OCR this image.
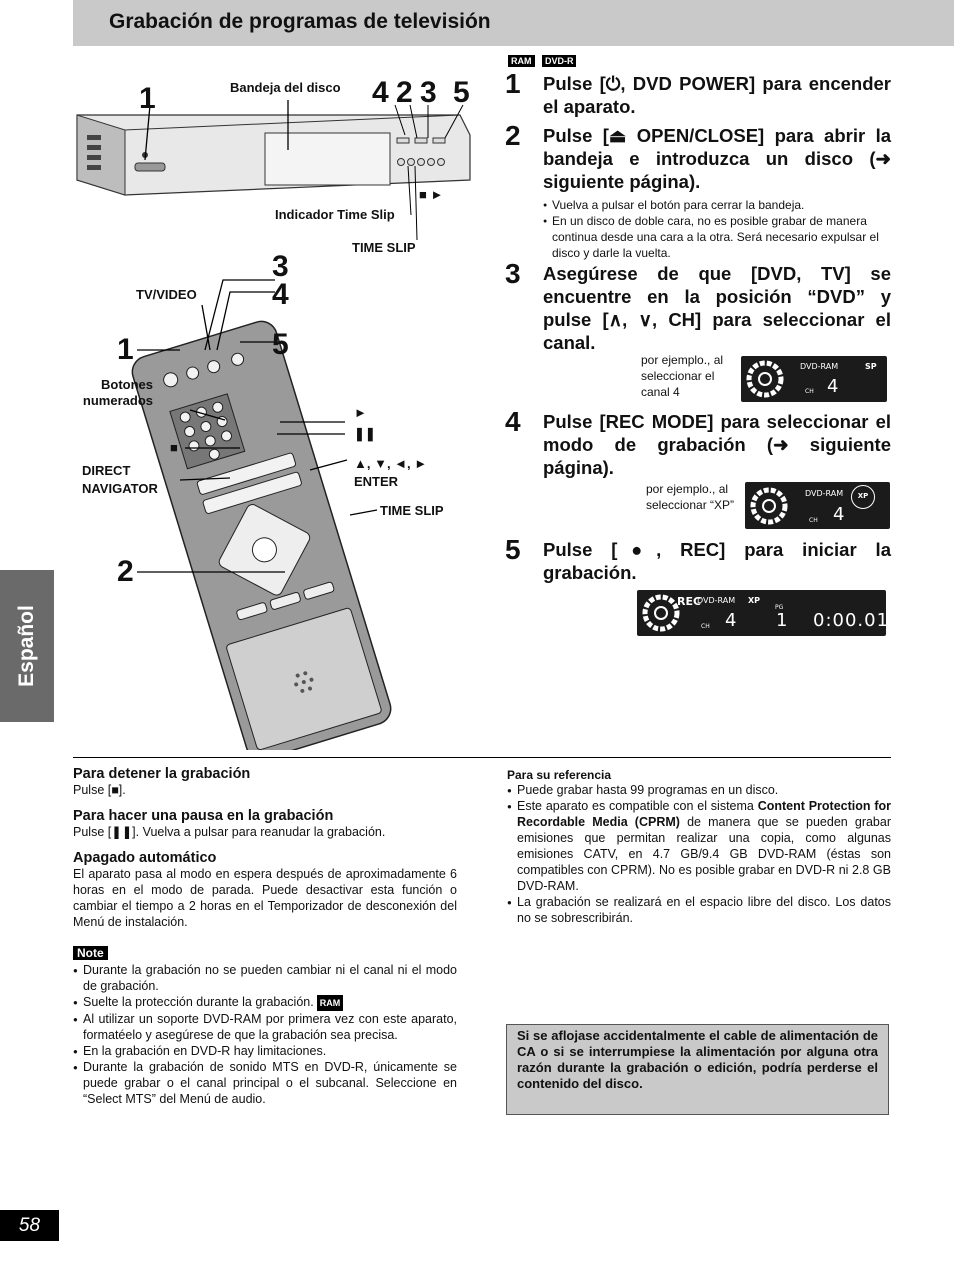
Grabación de programas de televisión
Español
58
1	4 2 3 5
Bandeja del disco
Indicador Time Slip
■ ►
TIME SLIP
3
4
1	5
2
TV/VIDEO
Botones numerados
►
❚❚
■
DIRECT NAVIGATOR
▲, ▼, ◄, ► ENTER
TIME SLIP
RAM DVD-R
1 Pulse [⏻, DVD POWER] para encender el aparato.
2 Pulse [⏏ OPEN/CLOSE] para abrir la bandeja e introduzca un disco (➜ siguiente página).
● Vuelva a pulsar el botón para cerrar la bandeja.
● En un disco de doble cara, no es posible grabar de manera continua desde una cara a la otra. Será necesario expulsar el disco y darle la vuelta.
3 Asegúrese de que [DVD, TV] se encuentre en la posición “DVD” y pulse [∧, ∨, CH] para seleccionar el canal.
por ejemplo., al seleccionar el canal 4
DVD-RAM	SP
CH 4
4 Pulse [REC MODE] para seleccionar el modo de grabación (➜ siguiente página).
por ejemplo., al seleccionar “XP”
DVD-RAM	XP
CH 4
5 Pulse [●, REC] para iniciar la grabación.
REC
DVD-RAM XP
CH 4
PG
1 0:00.01
Para detener la grabación

Pulse [■].

Para hacer una pausa en la grabación

Pulse [❚❚]. Vuelva a pulsar para reanudar la grabación.

Apagado automático

El aparato pasa al modo en espera después de aproximadamente 6 horas en el modo de parada. Puede desactivar esta función o cambiar el tiempo a 2 horas en el Temporizador de desconexión del Menú de instalación.

Note
● Durante la grabación no se pueden cambiar ni el canal ni el modo de grabación.
● Suelte la protección durante la grabación. RAM
● Al utilizar un soporte DVD-RAM por primera vez con este aparato, formatéelo y asegúrese de que la grabación sea precisa.
● En la grabación en DVD-R hay limitaciones.
● Durante la grabación de sonido MTS en DVD-R, únicamente se puede grabar o el canal principal o el subcanal. Seleccione en “Select MTS” del Menú de audio.
Para su referencia
● Puede grabar hasta 99 programas en un disco.
● Este aparato es compatible con el sistema Content Protection for Recordable Media (CPRM) de manera que se pueden grabar emisiones que permitan realizar una copia, como algunas emisiones CATV, en 4.7 GB/9.4 GB DVD-RAM (éstas son compatibles con CPRM). No es posible grabar en DVD-R ni 2.8 GB DVD-RAM.
● La grabación se realizará en el espacio libre del disco. Los datos no se sobrescribirán.
Si se aflojase accidentalmente el cable de alimentación de CA o si se interrumpiese la alimentación por alguna otra razón durante la grabación o edición, podría perderse el contenido del disco.
